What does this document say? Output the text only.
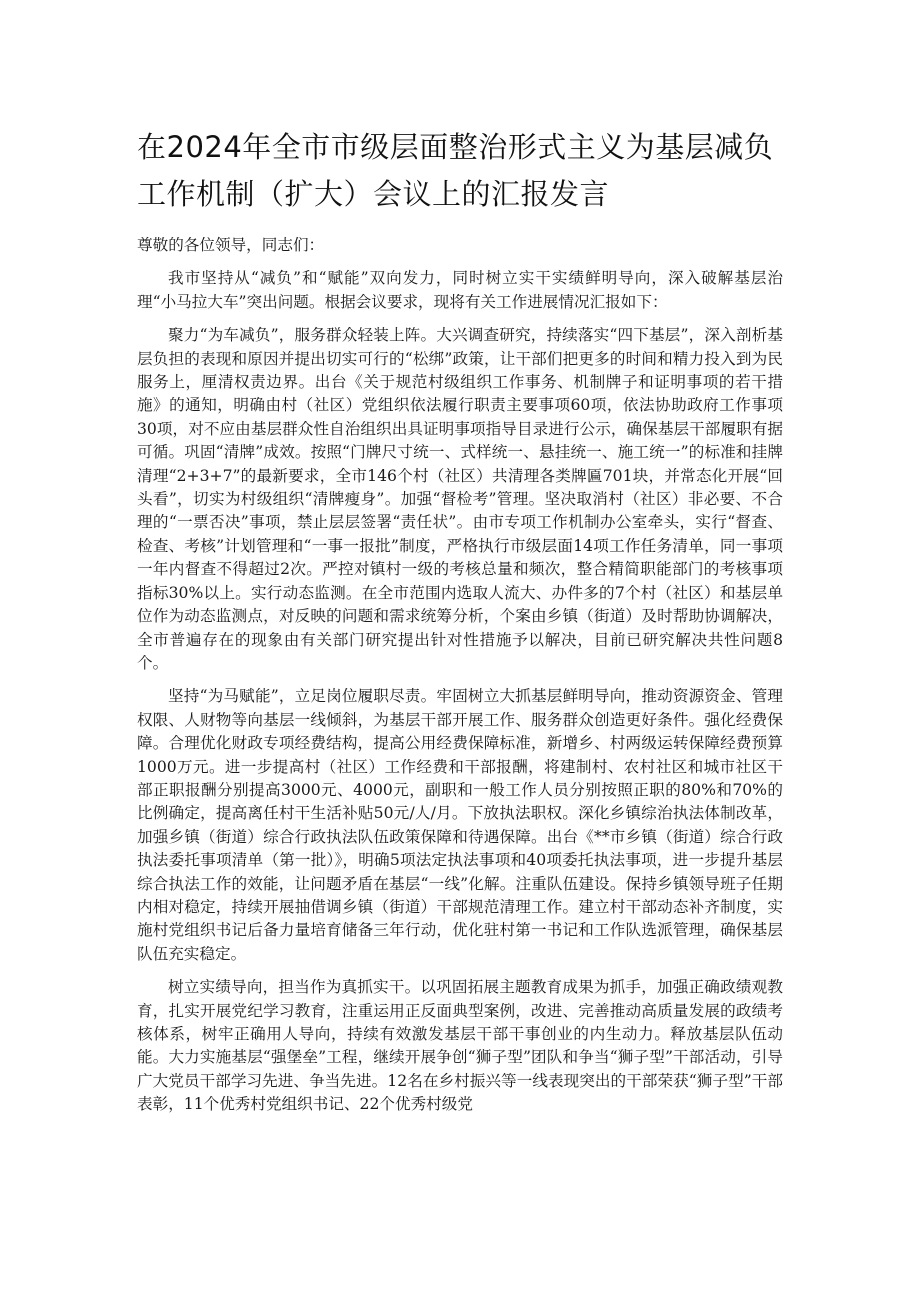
在2024年全市市级层面整治形式主义为基层减负工作机制（扩大）会议上的汇报发言

尊敬的各位领导，同志们：

我市坚持从“减负”和“赋能”双向发力，同时树立实干实绩鲜明导向，深入破解基层治理“小马拉大车”突出问题。根据会议要求，现将有关工作进展情况汇报如下：

聚力“为车减负”，服务群众轻装上阵。大兴调查研究，持续落实“四下基层”，深入剖析基层负担的表现和原因并提出切实可行的“松绑”政策，让干部们把更多的时间和精力投入到为民服务上，厘清权责边界。出台《关于规范村级组织工作事务、机制牌子和证明事项的若干措施》的通知，明确由村（社区）党组织依法履行职责主要事项60项，依法协助政府工作事项30项，对不应由基层群众性自治组织出具证明事项指导目录进行公示，确保基层干部履职有据可循。巩固“清牌”成效。按照“门牌尺寸统一、式样统一、悬挂统一、施工统一”的标准和挂牌清理“2+3+7”的最新要求，全市146个村（社区）共清理各类牌匾701块，并常态化开展“回头看”，切实为村级组织“清牌瘦身”。加强“督检考”管理。坚决取消村（社区）非必要、不合理的“一票否决”事项，禁止层层签署“责任状”。由市专项工作机制办公室牵头，实行“督查、检查、考核”计划管理和“一事一报批”制度，严格执行市级层面14项工作任务清单，同一事项一年内督查不得超过2次。严控对镇村一级的考核总量和频次，整合精简职能部门的考核事项指标30%以上。实行动态监测。在全市范围内选取人流大、办件多的7个村（社区）和基层单位作为动态监测点，对反映的问题和需求统筹分析，个案由乡镇（街道）及时帮助协调解决，全市普遍存在的现象由有关部门研究提出针对性措施予以解决，目前已研究解决共性问题8个。

坚持“为马赋能”，立足岗位履职尽责。牢固树立大抓基层鲜明导向，推动资源资金、管理权限、人财物等向基层一线倾斜，为基层干部开展工作、服务群众创造更好条件。强化经费保障。合理优化财政专项经费结构，提高公用经费保障标准，新增乡、村两级运转保障经费预算1000万元。进一步提高村（社区）工作经费和干部报酬，将建制村、农村社区和城市社区干部正职报酬分别提高3000元、4000元，副职和一般工作人员分别按照正职的80%和70%的比例确定，提高离任村干生活补贴50元/人/月。下放执法职权。深化乡镇综治执法体制改革，加强乡镇（街道）综合行政执法队伍政策保障和待遇保障。出台《**市乡镇（街道）综合行政执法委托事项清单（第一批）》，明确5项法定执法事项和40项委托执法事项，进一步提升基层综合执法工作的效能，让问题矛盾在基层“一线”化解。注重队伍建设。保持乡镇领导班子任期内相对稳定，持续开展抽借调乡镇（街道）干部规范清理工作。建立村干部动态补齐制度，实施村党组织书记后备力量培育储备三年行动，优化驻村第一书记和工作队选派管理，确保基层队伍充实稳定。

树立实绩导向，担当作为真抓实干。以巩固拓展主题教育成果为抓手，加强正确政绩观教育，扎实开展党纪学习教育，注重运用正反面典型案例，改进、完善推动高质量发展的政绩考核体系，树牢正确用人导向，持续有效激发基层干部干事创业的内生动力。释放基层队伍动能。大力实施基层“强堡垒”工程，继续开展争创“狮子型”团队和争当“狮子型”干部活动，引导广大党员干部学习先进、争当先进。12名在乡村振兴等一线表现突出的干部荣获“狮子型”干部表彰，11个优秀村党组织书记、22个优秀村级党
